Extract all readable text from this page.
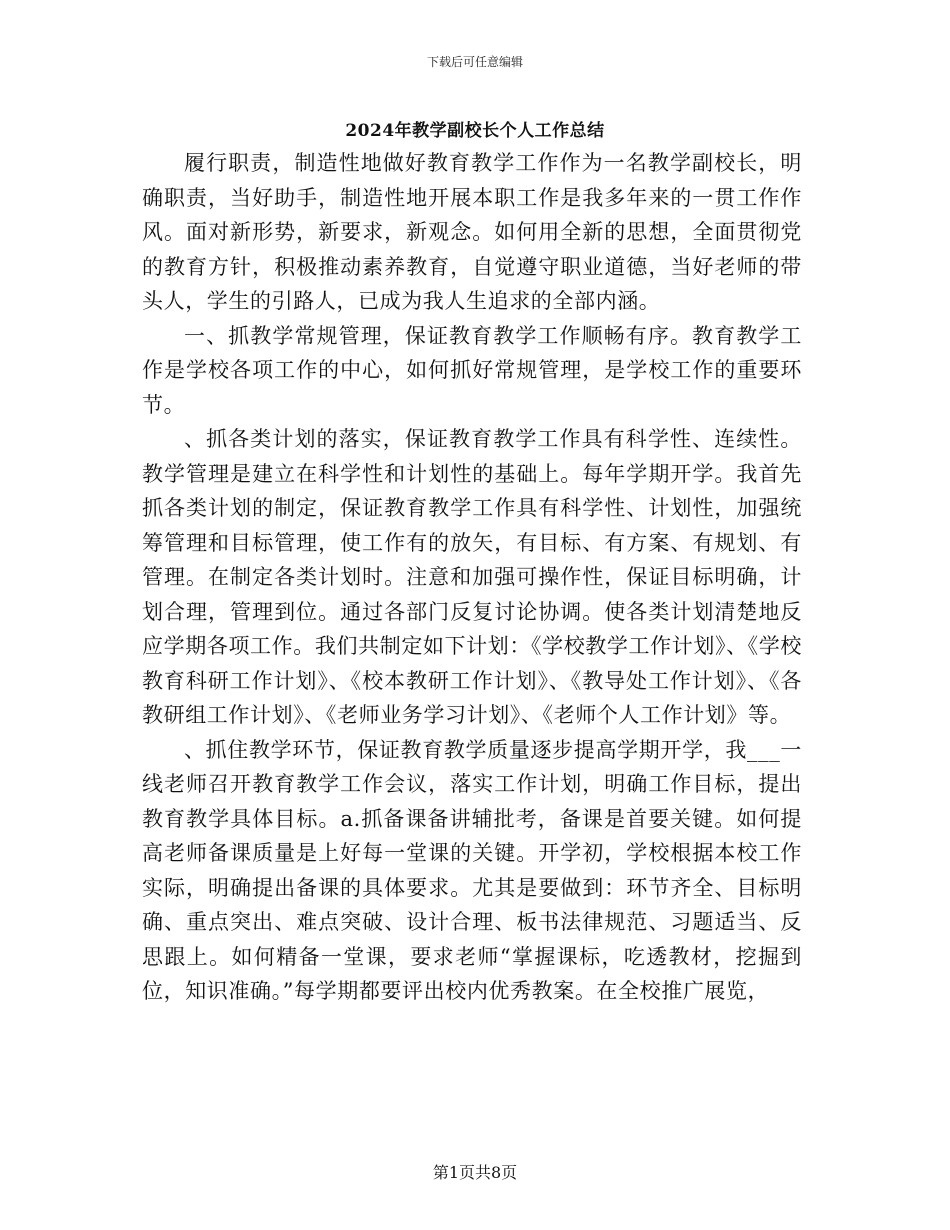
下载后可任意编辑
2024年教学副校长个人工作总结

履行职责，制造性地做好教育教学工作作为一名教学副校长，明确职责，当好助手，制造性地开展本职工作是我多年来的一贯工作作风。面对新形势，新要求，新观念。如何用全新的思想，全面贯彻党的教育方针，积极推动素养教育，自觉遵守职业道德，当好老师的带头人，学生的引路人，已成为我人生追求的全部内涵。

一、抓教学常规管理，保证教育教学工作顺畅有序。教育教学工作是学校各项工作的中心，如何抓好常规管理，是学校工作的重要环节。

、抓各类计划的落实，保证教育教学工作具有科学性、连续性。教学管理是建立在科学性和计划性的基础上。每年学期开学。我首先抓各类计划的制定，保证教育教学工作具有科学性、计划性，加强统筹管理和目标管理，使工作有的放矢，有目标、有方案、有规划、有管理。在制定各类计划时。注意和加强可操作性，保证目标明确，计划合理，管理到位。通过各部门反复讨论协调。使各类计划清楚地反应学期各项工作。我们共制定如下计划：《学校教学工作计划》、《学校教育科研工作计划》、《校本教研工作计划》、《教导处工作计划》、《各教研组工作计划》、《老师业务学习计划》、《老师个人工作计划》等。

、抓住教学环节，保证教育教学质量逐步提高学期开学，我___一线老师召开教育教学工作会议，落实工作计划，明确工作目标，提出教育教学具体目标。a.抓备课备讲辅批考，备课是首要关键。如何提高老师备课质量是上好每一堂课的关键。开学初，学校根据本校工作实际，明确提出备课的具体要求。尤其是要做到：环节齐全、目标明确、重点突出、难点突破、设计合理、板书法律规范、习题适当、反思跟上。如何精备一堂课，要求老师“掌握课标，吃透教材，挖掘到位，知识准确。”每学期都要评出校内优秀教案。在全校推广展览，

第1页共8页
